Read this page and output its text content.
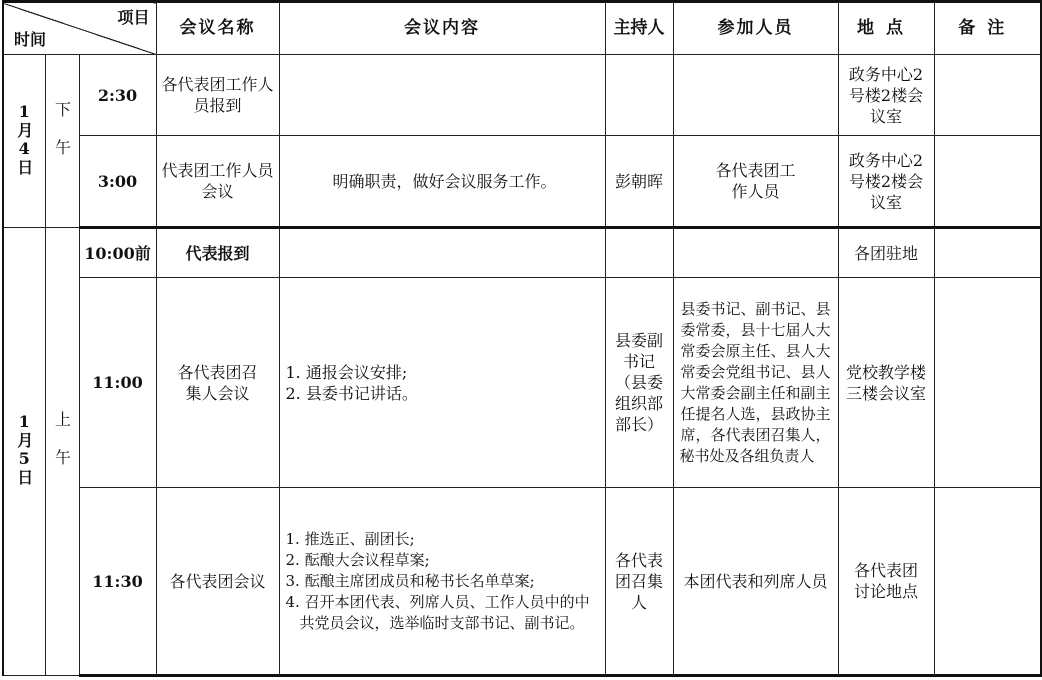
项目
时间			会议名称	会议内容	主持人	参加人员	地点	备注
1月4日	下午	2:30	各代表团工作人员报到				政务中心2号楼2楼会议室	
		3:00	代表团工作人员会议	明确职责，做好会议服务工作。	彭朝晖	各代表团工作人员	政务中心2号楼2楼会议室	
1月5日	上午	10:00前	代表报到				各团驻地	
		11:00	各代表团召集人会议	1. 通报会议安排;
2. 县委书记讲话。	县委副书记（县委组织部部长）	县委书记、副书记、县委常委，县十七届人大常委会原主任、县人大常委会党组书记、县人大常委会副主任和副主任提名人选，县政协主席，各代表团召集人，秘书处及各组负责人	党校教学楼三楼会议室	
		11:30	各代表团会议	1. 推选正、副团长;
2. 酝酿大会议程草案;
3. 酝酿主席团成员和秘书长名单草案;
4. 召开本团代表、列席人员、工作人员中的中共党员会议，选举临时支部书记、副书记。	各代表团召集人	本团代表和列席人员	各代表团讨论地点	
